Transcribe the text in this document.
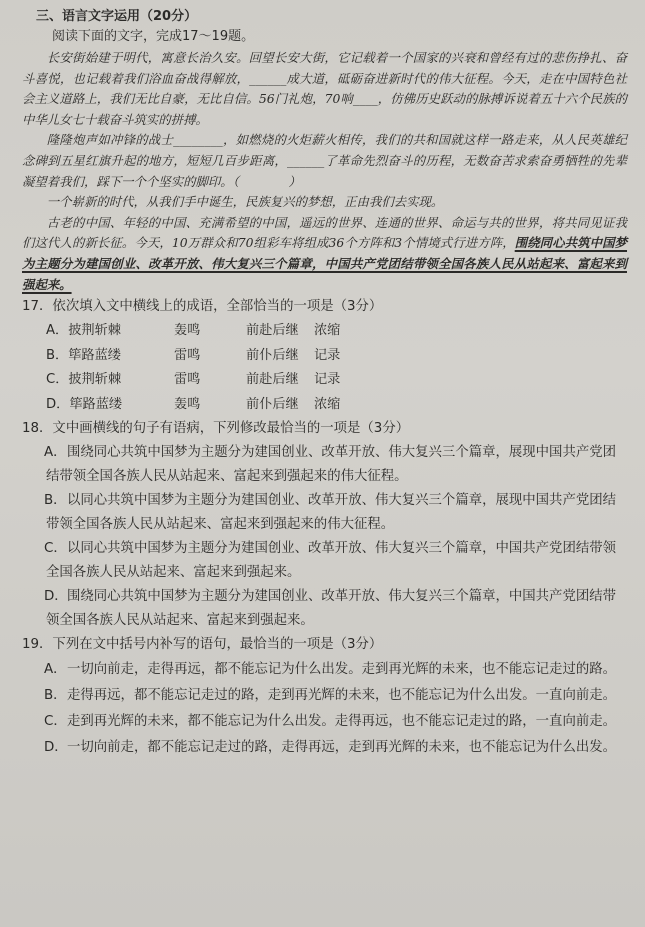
三、语言文字运用（20分）
阅读下面的文字，完成17～19题。

长安街始建于明代，寓意长治久安。回望长安大街，它记载着一个国家的兴衰和曾经有过的悲伤挣扎、奋斗喜悦，也记载着我们浴血奋战得解放，______成大道，砥砺奋进新时代的伟大征程。今天，走在中国特色社会主义道路上，我们无比自豪，无比自信。56门礼炮，70响____，仿佛历史跃动的脉搏诉说着五十六个民族的中华儿女七十载奋斗筑实的拼搏。

隆隆炮声如冲锋的战士________，如燃烧的火炬薪火相传，我们的共和国就这样一路走来，从人民英雄纪念碑到五星红旗升起的地方，短短几百步距离，______了革命先烈奋斗的历程，无数奋苦求索奋勇牺牲的先辈凝望着我们，踩下一个个坚实的脚印。（　　　　）

一个崭新的时代，从我们手中诞生，民族复兴的梦想，正由我们去实现。

古老的中国、年轻的中国、充满希望的中国，遥远的世界、连通的世界、命运与共的世界，将共同见证我们这代人的新长征。今天，10万群众和70组彩车将组成36个方阵和3个情境式行进方阵，围绕同心共筑中国梦为主题分为建国创业、改革开放、伟大复兴三个篇章，中国共产党团结带领全国各族人民从站起来、富起来到强起来。

17．依次填入文中横线上的成语，全部恰当的一项是（3分）
A．披荆斩棘	轰鸣	前赴后继	浓缩
B．筚路蓝缕	雷鸣	前仆后继	记录
C．披荆斩棘	雷鸣	前赴后继	记录
D．筚路蓝缕	轰鸣	前仆后继	浓缩
18．文中画横线的句子有语病，下列修改最恰当的一项是（3分）
A．围绕同心共筑中国梦为主题分为建国创业、改革开放、伟大复兴三个篇章，展现中国共产党团结带领全国各族人民从站起来、富起来到强起来的伟大征程。
B．以同心共筑中国梦为主题分为建国创业、改革开放、伟大复兴三个篇章，展现中国共产党团结带领全国各族人民从站起来、富起来到强起来的伟大征程。
C．以同心共筑中国梦为主题分为建国创业、改革开放、伟大复兴三个篇章，中国共产党团结带领全国各族人民从站起来、富起来到强起来。
D．围绕同心共筑中国梦为主题分为建国创业、改革开放、伟大复兴三个篇章，中国共产党团结带领全国各族人民从站起来、富起来到强起来。
19．下列在文中括号内补写的语句，最恰当的一项是（3分）
A．一切向前走，走得再远，都不能忘记为什么出发。走到再光辉的未来，也不能忘记走过的路。
B．走得再远，都不能忘记走过的路，走到再光辉的未来，也不能忘记为什么出发。一直向前走。
C．走到再光辉的未来，都不能忘记为什么出发。走得再远，也不能忘记走过的路，一直向前走。
D．一切向前走，都不能忘记走过的路，走得再远，走到再光辉的未来，也不能忘记为什么出发。
